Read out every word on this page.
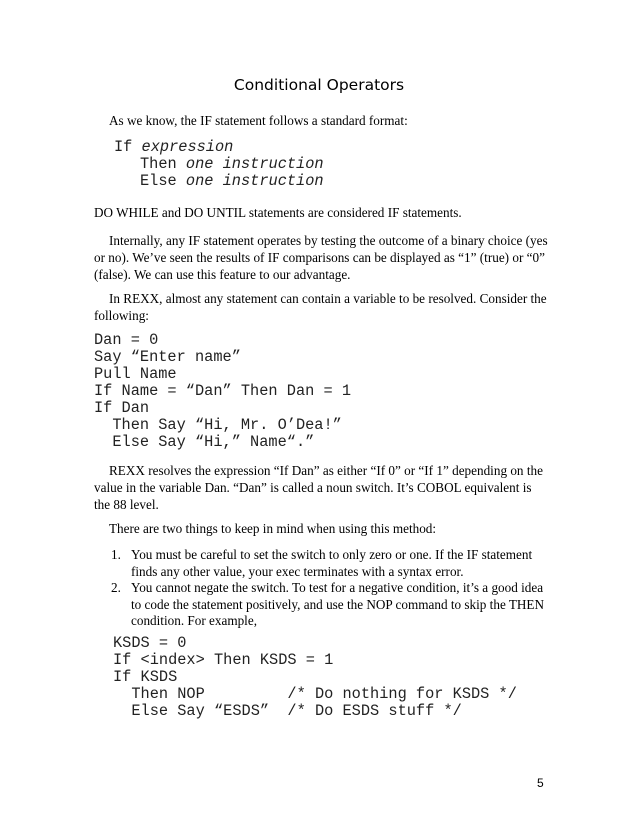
Conditional Operators

As we know, the IF statement follows a standard format:

If expression
Then one instruction
Else one instruction

DO WHILE and DO UNTIL statements are considered IF statements.

Internally, any IF statement operates by testing the outcome of a binary choice (yes or no). We’ve seen the results of IF comparisons can be displayed as “1” (true) or “0” (false). We can use this feature to our advantage.

In REXX, almost any statement can contain a variable to be resolved. Consider the following:

Dan = 0
Say “Enter name”
Pull Name
If Name = “Dan” Then Dan = 1
If Dan
Then Say “Hi, Mr. O’Dea!”
Else Say “Hi,” Name“.”

REXX resolves the expression “If Dan” as either “If 0” or “If 1” depending on the value in the variable Dan. “Dan” is called a noun switch. It’s COBOL equivalent is the 88 level.

There are two things to keep in mind when using this method:

1. You must be careful to set the switch to only zero or one. If the IF statement finds any other value, your exec terminates with a syntax error.
2. You cannot negate the switch. To test for a negative condition, it’s a good idea to code the statement positively, and use the NOP command to skip the THEN condition. For example,
KSDS = 0
If <index> Then KSDS = 1
If KSDS
Then NOP         /* Do nothing for KSDS */
Else Say “ESDS”  /* Do ESDS stuff */
5
